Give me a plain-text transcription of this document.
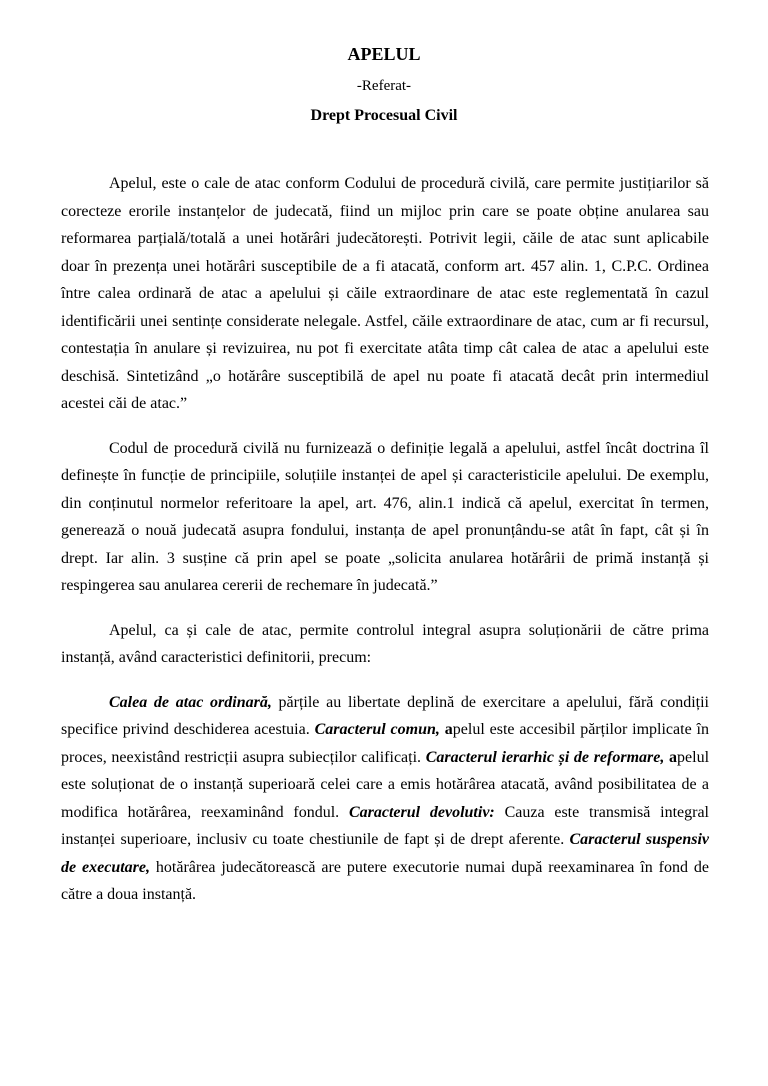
APELUL
-Referat-
Drept Procesual Civil

Apelul, este o cale de atac conform Codului de procedură civilă, care permite justițiarilor să corecteze erorile instanțelor de judecată, fiind un mijloc prin care se poate obține anularea sau reformarea parțială/totală a unei hotărâri judecătorești. Potrivit legii, căile de atac sunt aplicabile doar în prezența unei hotărâri susceptibile de a fi atacată, conform art. 457 alin. 1, C.P.C. Ordinea între calea ordinară de atac a apelului și căile extraordinare de atac este reglementată în cazul identificării unei sentințe considerate nelegale. Astfel, căile extraordinare de atac, cum ar fi recursul, contestația în anulare și revizuirea, nu pot fi exercitate atâta timp cât calea de atac a apelului este deschisă. Sintetizând „o hotărâre susceptibilă de apel nu poate fi atacată decât prin intermediul acestei căi de atac.”

Codul de procedură civilă nu furnizează o definiție legală a apelului, astfel încât doctrina îl definește în funcție de principiile, soluțiile instanței de apel și caracteristicile apelului. De exemplu, din conținutul normelor referitoare la apel, art. 476, alin.1 indică că apelul, exercitat în termen, generează o nouă judecată asupra fondului, instanța de apel pronunțându-se atât în fapt, cât și în drept. Iar alin. 3 susține că prin apel se poate „solicita anularea hotărârii de primă instanță și respingerea sau anularea cererii de rechemare în judecată.”

Apelul, ca și cale de atac, permite controlul integral asupra soluționării de către prima instanță, având caracteristici definitorii, precum:

Calea de atac ordinară, părțile au libertate deplină de exercitare a apelului, fără condiții specifice privind deschiderea acestuia. Caracterul comun, apelul este accesibil părților implicate în proces, neexistând restricții asupra subiecților calificați. Caracterul ierarhic și de reformare, apelul este soluționat de o instanță superioară celei care a emis hotărârea atacată, având posibilitatea de a modifica hotărârea, reexaminând fondul. Caracterul devolutiv: Cauza este transmisă integral instanței superioare, inclusiv cu toate chestiunile de fapt și de drept aferente. Caracterul suspensiv de executare, hotărârea judecătorească are putere executorie numai după reexaminarea în fond de către a doua instanță.
